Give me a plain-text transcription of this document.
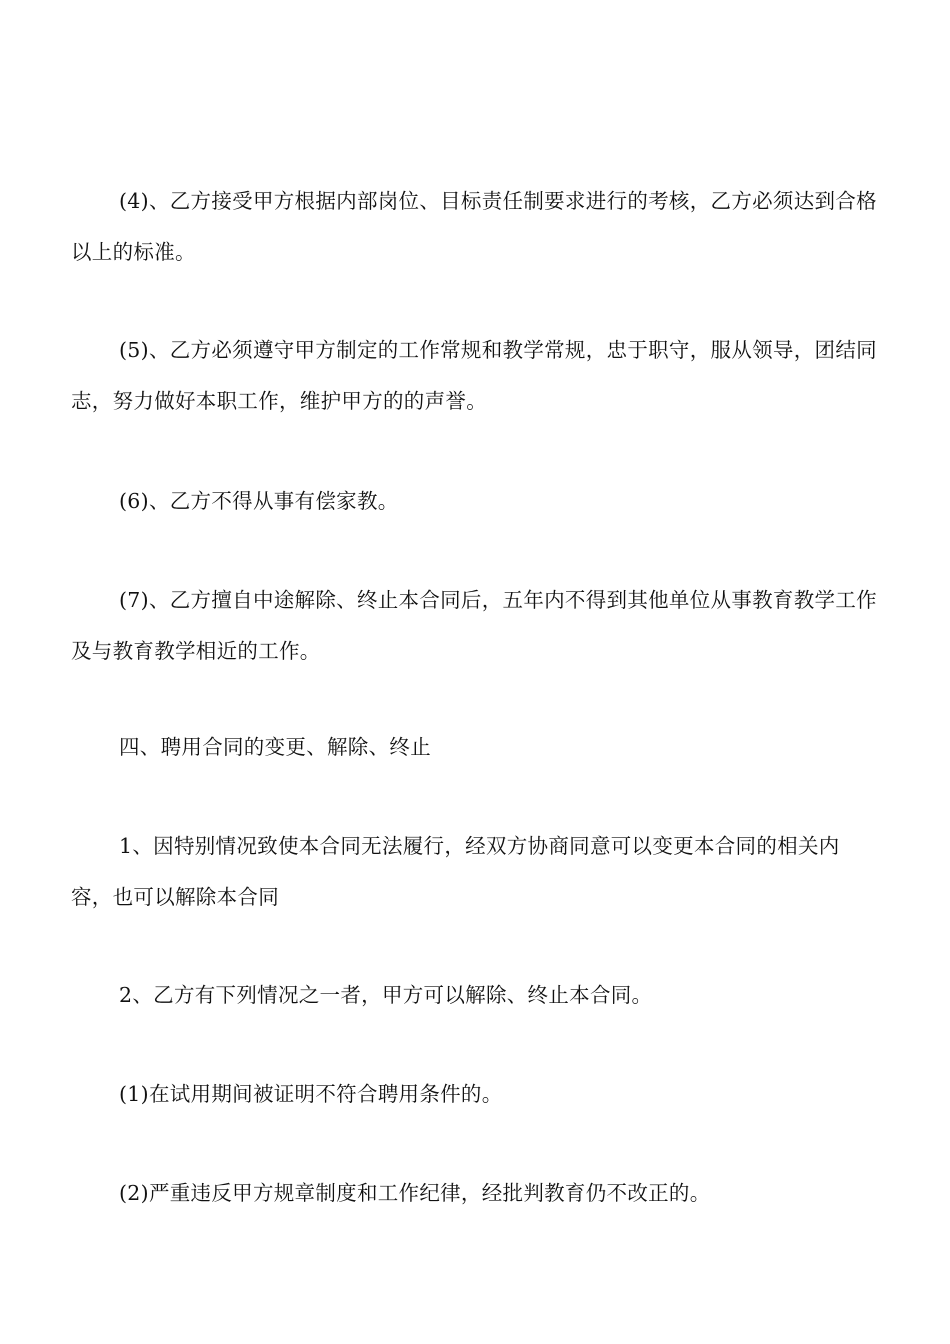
(4)、乙方接受甲方根据内部岗位、目标责任制要求进行的考核，乙方必须达到合格以上的标准。

(5)、乙方必须遵守甲方制定的工作常规和教学常规，忠于职守，服从领导，团结同志，努力做好本职工作，维护甲方的的声誉。

(6)、乙方不得从事有偿家教。

(7)、乙方擅自中途解除、终止本合同后，五年内不得到其他单位从事教育教学工作及与教育教学相近的工作。

四、聘用合同的变更、解除、终止

1、因特别情况致使本合同无法履行，经双方协商同意可以变更本合同的相关内容，也可以解除本合同

2、乙方有下列情况之一者，甲方可以解除、终止本合同。

(1)在试用期间被证明不符合聘用条件的。

(2)严重违反甲方规章制度和工作纪律，经批判教育仍不改正的。
